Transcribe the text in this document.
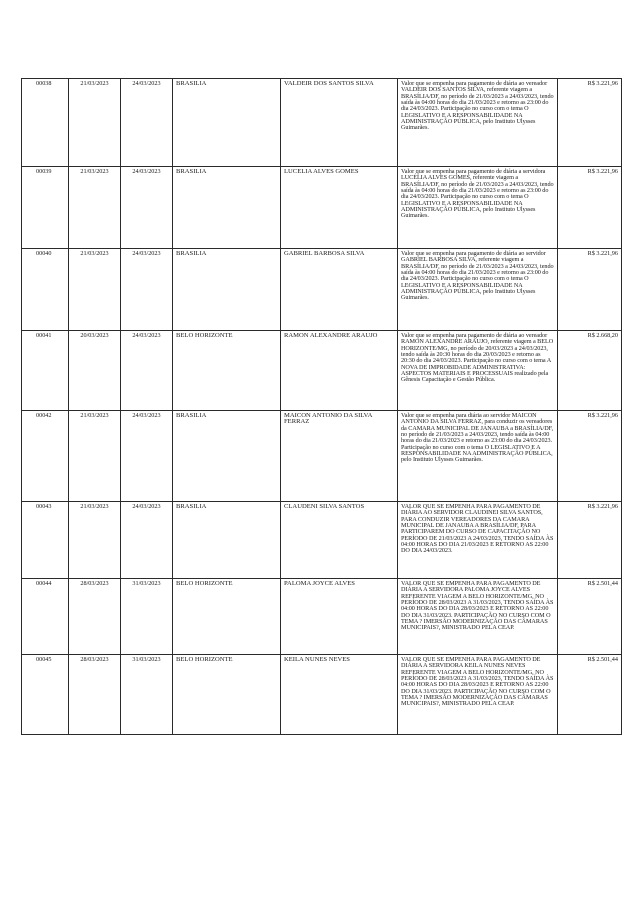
00038	21/03/2023	24/03/2023	BRASILIA	VALDEIR DOS SANTOS SILVA	Valor que se empenha para pagamento de diária ao vereador VALDEIR DOS SANTOS SILVA, referente viagem a BRASÍLIA/DF, no período de 21/03/2023 a 24/03/2023, tendo saída às 04:00 horas do dia 21/03/2023 e retorno as 23:00 do dia 24/03/2023. Participação no curso com o tema O LEGISLATIVO E A RESPONSABILIDADE NA ADMINISTRAÇÃO PÚBLICA, pelo Instituto Ulysses Guimarães.	R$ 3.221,96
00039	21/03/2023	24/03/2023	BRASILIA	LUCELIA ALVES GOMES	Valor que se empenha para pagamento de diária a servidora LUCÉLIA ALVES GOMES, referente viagem a BRASÍLIA/DF, no período de 21/03/2023 a 24/03/2023, tendo saída às 04:00 horas do dia 21/03/2023 e retorno as 23:00 do dia 24/03/2023. Participação no curso com o tema O LEGISLATIVO E A RESPONSABILIDADE NA ADMINISTRAÇÃO PÚBLICA, pelo Instituto Ulysses Guimarães.	R$ 3.221,96
00040	21/03/2023	24/03/2023	BRASILIA	GABRIEL BARBOSA SILVA	Valor que se empenha para pagamento de diária ao servidor GABRIEL BARBOSA SILVA, referente viagem a BRASÍLIA/DF, no período de 21/03/2023 a 24/03/2023, tendo saída às 04:00 horas do dia 21/03/2023 e retorno as 23:00 do dia 24/03/2023. Participação no curso com o tema O LEGISLATIVO E A RESPONSABILIDADE NA ADMINISTRAÇÃO PÚBLICA, pelo Instituto Ulysses Guimarães.	R$ 3.221,96
00041	20/03/2023	24/03/2023	BELO HORIZONTE	RAMON ALEXANDRE ARAUJO	Valor que se empenha para pagamento de diária ao vereador RAMON ALEXANDRE ARAUJO, referente viagem a BELO HORIZONTE/MG, no período de 20/03/2023 a 24/03/2023, tendo saída às 20:30 horas do dia 20/03/2023 e retorno as 20:30 do dia 24/03/2023. Participação no curso com o tema A NOVA DE IMPROBIDADE ADMINISTRATIVA: ASPECTOS MATERIAIS E PROCESSUAIS realizado pela Gênesis Capacitação e Gestão Pública.	R$ 2.668,20
00042	21/03/2023	24/03/2023	BRASILIA	MAICON ANTONIO DA SILVA FERRAZ	Valor que se empenha para diária ao servidor MAICON ANTONIO DA SILVA FERRAZ, para conduzir os vereadores da CAMARA MUNICIPAL DE JANAUBA a BRASÍLIA/DF, no período de 21/03/2023 a 24/03/2023, tendo saída às 04:00 horas do dia 21/03/2023 e retorno as 23:00 do dia 24/03/2023. Participação no curso com o tema O LEGISLATIVO E A RESPONSABILIDADE NA ADMINISTRAÇÃO PÚBLICA, pelo Instituto Ulysses Guimarães.	R$ 3.221,96
00043	21/03/2023	24/03/2023	BRASILIA	CLAUDENI SILVA SANTOS	VALOR QUE SE EMPENHA PARA PAGAMENTO DE DIÁRIA AO SERVIDOR CLAUDINEI SILVA SANTOS, PARA CONDUZIR VEREADORES DA CAMARA MUNICIPAL DE JANAUBA A BRASÍLIA/DF, PARA PARTICIPAREM DO CURSO DE CAPACITAÇÃO NO PERÍODO DE 21/03/2023 A 24/03/2023, TENDO SAÍDA ÀS 04:00 HORAS DO DIA 21/03/2023 E RETORNO AS 22:00 DO DIA 24/03/2023.	R$ 3.221,96
00044	28/03/2023	31/03/2023	BELO HORIZONTE	PALOMA JOYCE ALVES	VALOR QUE SE EMPENHA PARA PAGAMENTO DE DIÁRIA A SERVIDORA PALOMA JOYCE ALVES REFERENTE VIAGEM A BELO HORIZONTE/MG, NO PERÍODO DE 28/03/2023 A 31/03/2023, TENDO SAÍDA ÀS 04:00 HORAS DO DIA 28/03/2023 E RETORNO AS 22:00 DO DIA 31/03/2023. PARTICIPAÇÃO NO CURSO COM O TEMA ? IMERSÃO MODERNIZAÇÃO DAS CÂMARAS MUNICIPAIS?, MINISTRADO PELA CEAP.	R$ 2.501,44
00045	28/03/2023	31/03/2023	BELO HORIZONTE	KEILA NUNES NEVES	VALOR QUE SE EMPENHA PARA PAGAMENTO DE DIÁRIA A SERVIDORA KEILA NUNES NEVES REFERENTE VIAGEM A BELO HORIZONTE/MG, NO PERÍODO DE 28/03/2023 A 31/03/2023, TENDO SAÍDA ÀS 04:00 HORAS DO DIA 28/03/2023 E RETORNO AS 22:00 DO DIA 31/03/2023. PARTICIPAÇÃO NO CURSO COM O TEMA ? IMERSÃO MODERNIZAÇÃO DAS CÂMARAS MUNICIPAIS?, MINISTRADO PELA CEAP.	R$ 2.501,44
